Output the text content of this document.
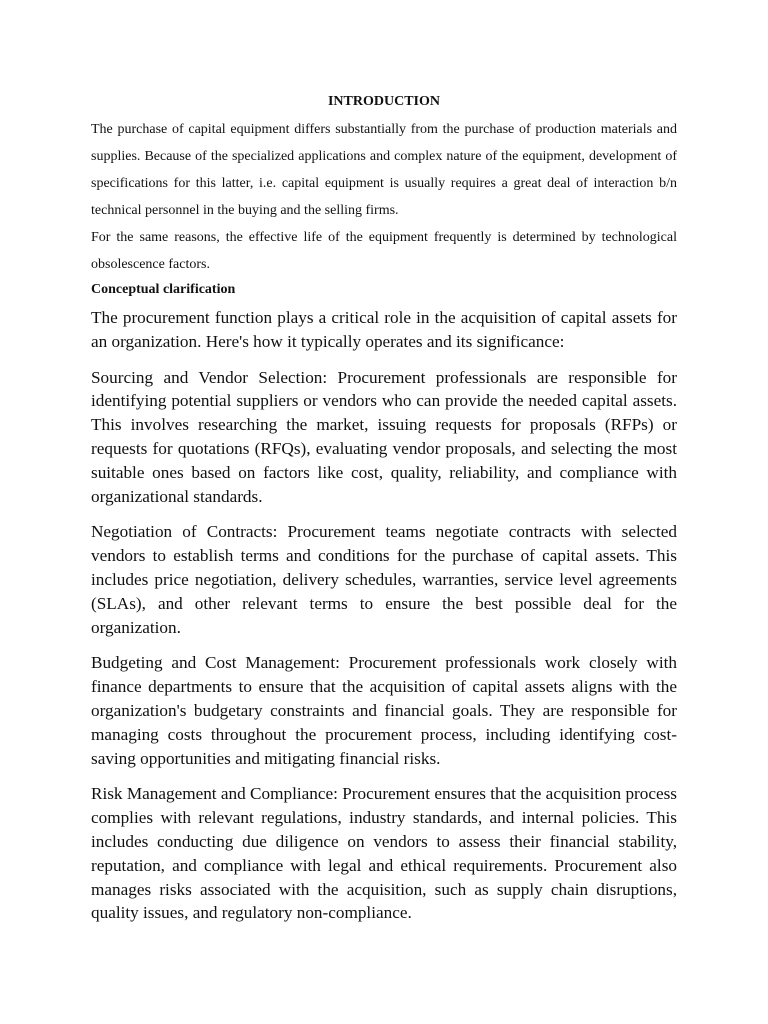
INTRODUCTION

The purchase of capital equipment differs substantially from the purchase of production materials and supplies. Because of the specialized applications and complex nature of the equipment, development of specifications for this latter, i.e. capital equipment is usually requires a great deal of interaction b/n technical personnel in the buying and the selling firms.

For the same reasons, the effective life of the equipment frequently is determined by technological obsolescence factors.

Conceptual clarification

The procurement function plays a critical role in the acquisition of capital assets for an organization. Here's how it typically operates and its significance:

Sourcing and Vendor Selection: Procurement professionals are responsible for identifying potential suppliers or vendors who can provide the needed capital assets. This involves researching the market, issuing requests for proposals (RFPs) or requests for quotations (RFQs), evaluating vendor proposals, and selecting the most suitable ones based on factors like cost, quality, reliability, and compliance with organizational standards.

Negotiation of Contracts: Procurement teams negotiate contracts with selected vendors to establish terms and conditions for the purchase of capital assets. This includes price negotiation, delivery schedules, warranties, service level agreements (SLAs), and other relevant terms to ensure the best possible deal for the organization.

Budgeting and Cost Management: Procurement professionals work closely with finance departments to ensure that the acquisition of capital assets aligns with the organization's budgetary constraints and financial goals. They are responsible for managing costs throughout the procurement process, including identifying cost-saving opportunities and mitigating financial risks.

Risk Management and Compliance: Procurement ensures that the acquisition process complies with relevant regulations, industry standards, and internal policies. This includes conducting due diligence on vendors to assess their financial stability, reputation, and compliance with legal and ethical requirements. Procurement also manages risks associated with the acquisition, such as supply chain disruptions, quality issues, and regulatory non-compliance.
